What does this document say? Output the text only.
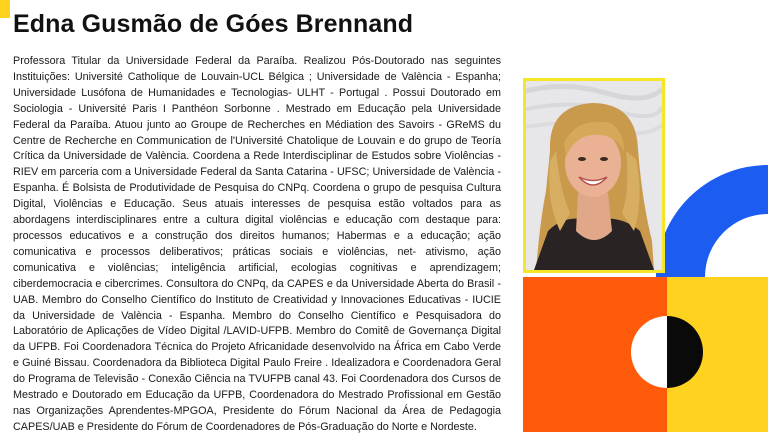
Edna Gusmão de Góes Brennand

Professora Titular da Universidade Federal da Paraíba. Realizou Pós-Doutorado nas seguintes Instituições: Université Catholique de Louvain-UCL Bélgica ; Universidade de València - Espanha; Universidade Lusófona de Humanidades e Tecnologias- ULHT - Portugal . Possui Doutorado em Sociologia - Université Paris I Panthéon Sorbonne . Mestrado em Educação pela Universidade Federal da Paraíba. Atuou junto ao Groupe de Recherches en Médiation des Savoirs - GReMS du Centre de Recherche en Communication de l'Université Chatolique de Louvain e do grupo de Teoría Crítica da Universidade de València. Coordena a Rede Interdisciplinar de Estudos sobre Violências - RIEV em parceria com a Universidade Federal da Santa Catarina - UFSC; Universidade de València - Espanha. É Bolsista de Produtividade de Pesquisa do CNPq. Coordena o grupo de pesquisa Cultura Digital, Violências e Educação. Seus atuais interesses de pesquisa estão voltados para as abordagens interdisciplinares entre a cultura digital violências e educação com destaque para: processos educativos e a construção dos direitos humanos; Habermas e a educação; ação comunicativa e processos deliberativos; práticas sociais e violências, net- ativismo, ação comunicativa e violências; inteligência artificial, ecologias cognitivas e aprendizagem; ciberdemocracia e cibercrimes. Consultora do CNPq, da CAPES e da Universidade Aberta do Brasil - UAB. Membro do Conselho Científico do Instituto de Creatividad y Innovaciones Educativas - IUCIE da Universidade de València - Espanha. Membro do Conselho Científico e Pesquisadora do Laboratório de Aplicações de Vídeo Digital /LAVID-UFPB. Membro do Comitê de Governança Digital da UFPB. Foi Coordenadora Técnica do Projeto Africanidade desenvolvido na África em Cabo Verde e Guiné Bissau. Coordenadora da Biblioteca Digital Paulo Freire . Idealizadora e Coordenadora Geral do Programa de Televisão - Conexão Ciência na TVUFPB canal 43. Foi Coordenadora dos Cursos de Mestrado e Doutorado em Educação da UFPB, Coordenadora do Mestrado Profissional em Gestão nas Organizações Aprendentes-MPGOA, Presidente do Fórum Nacional da Área de Pedagogia CAPES/UAB e Presidente do Fórum de Coordenadores de Pós-Graduação do Norte e Nordeste.
